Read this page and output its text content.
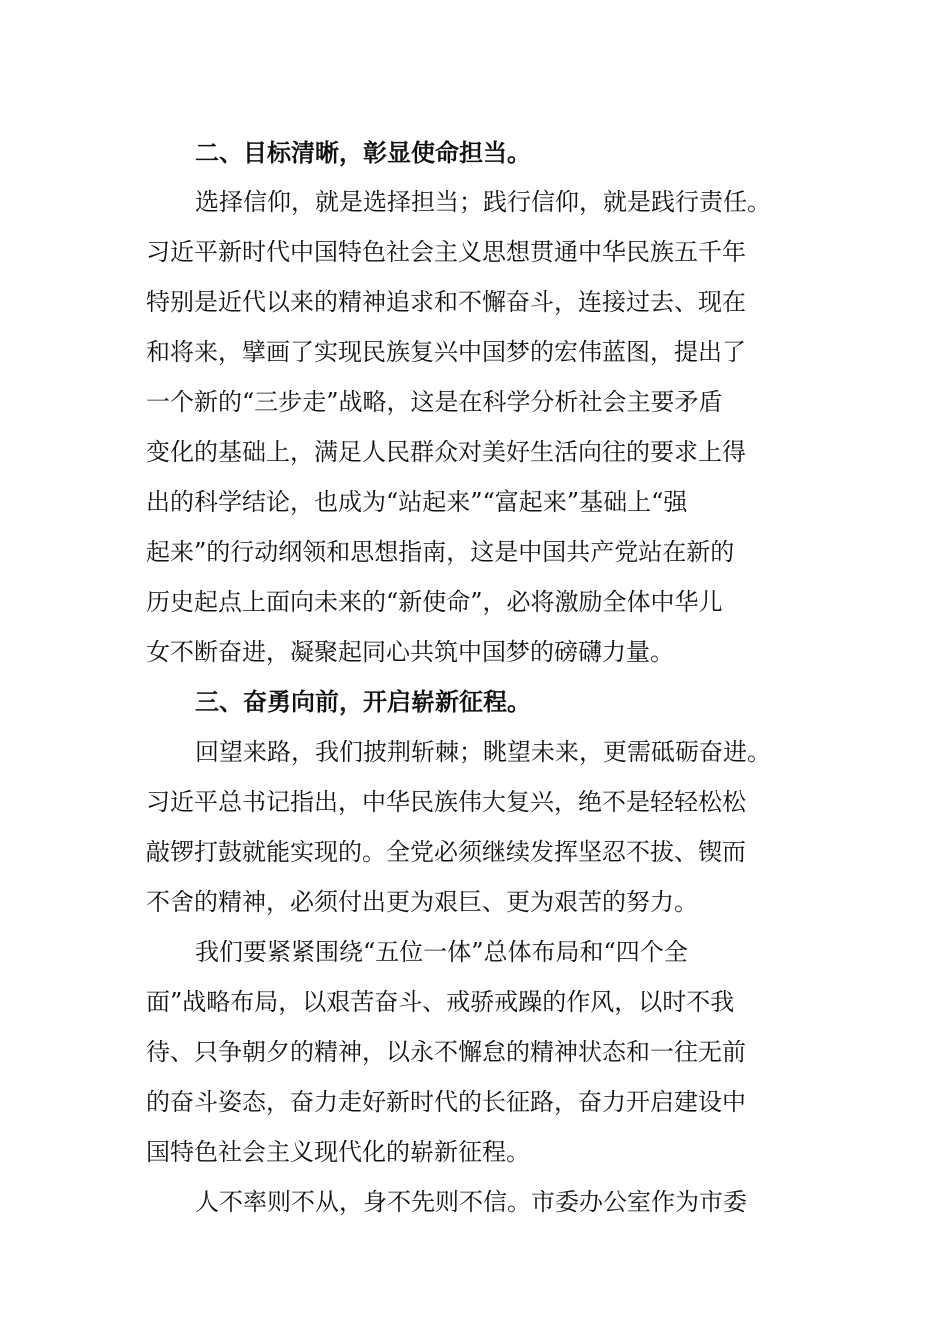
二、目标清晰，彰显使命担当。
选择信仰，就是选择担当；践行信仰，就是践行责任。
习近平新时代中国特色社会主义思想贯通中华民族五千年
特别是近代以来的精神追求和不懈奋斗，连接过去、现在
和将来，擘画了实现民族复兴中国梦的宏伟蓝图，提出了
一个新的“三步走”战略，这是在科学分析社会主要矛盾
变化的基础上，满足人民群众对美好生活向往的要求上得
出的科学结论，也成为“站起来”“富起来”基础上“强
起来”的行动纲领和思想指南，这是中国共产党站在新的
历史起点上面向未来的“新使命”，必将激励全体中华儿
女不断奋进，凝聚起同心共筑中国梦的磅礴力量。
三、奋勇向前，开启崭新征程。
回望来路，我们披荆斩棘；眺望未来，更需砥砺奋进。
习近平总书记指出，中华民族伟大复兴，绝不是轻轻松松
敲锣打鼓就能实现的。全党必须继续发挥坚忍不拔、锲而
不舍的精神，必须付出更为艰巨、更为艰苦的努力。
我们要紧紧围绕“五位一体”总体布局和“四个全
面”战略布局，以艰苦奋斗、戒骄戒躁的作风，以时不我
待、只争朝夕的精神，以永不懈怠的精神状态和一往无前
的奋斗姿态，奋力走好新时代的长征路，奋力开启建设中
国特色社会主义现代化的崭新征程。
人不率则不从，身不先则不信。市委办公室作为市委
